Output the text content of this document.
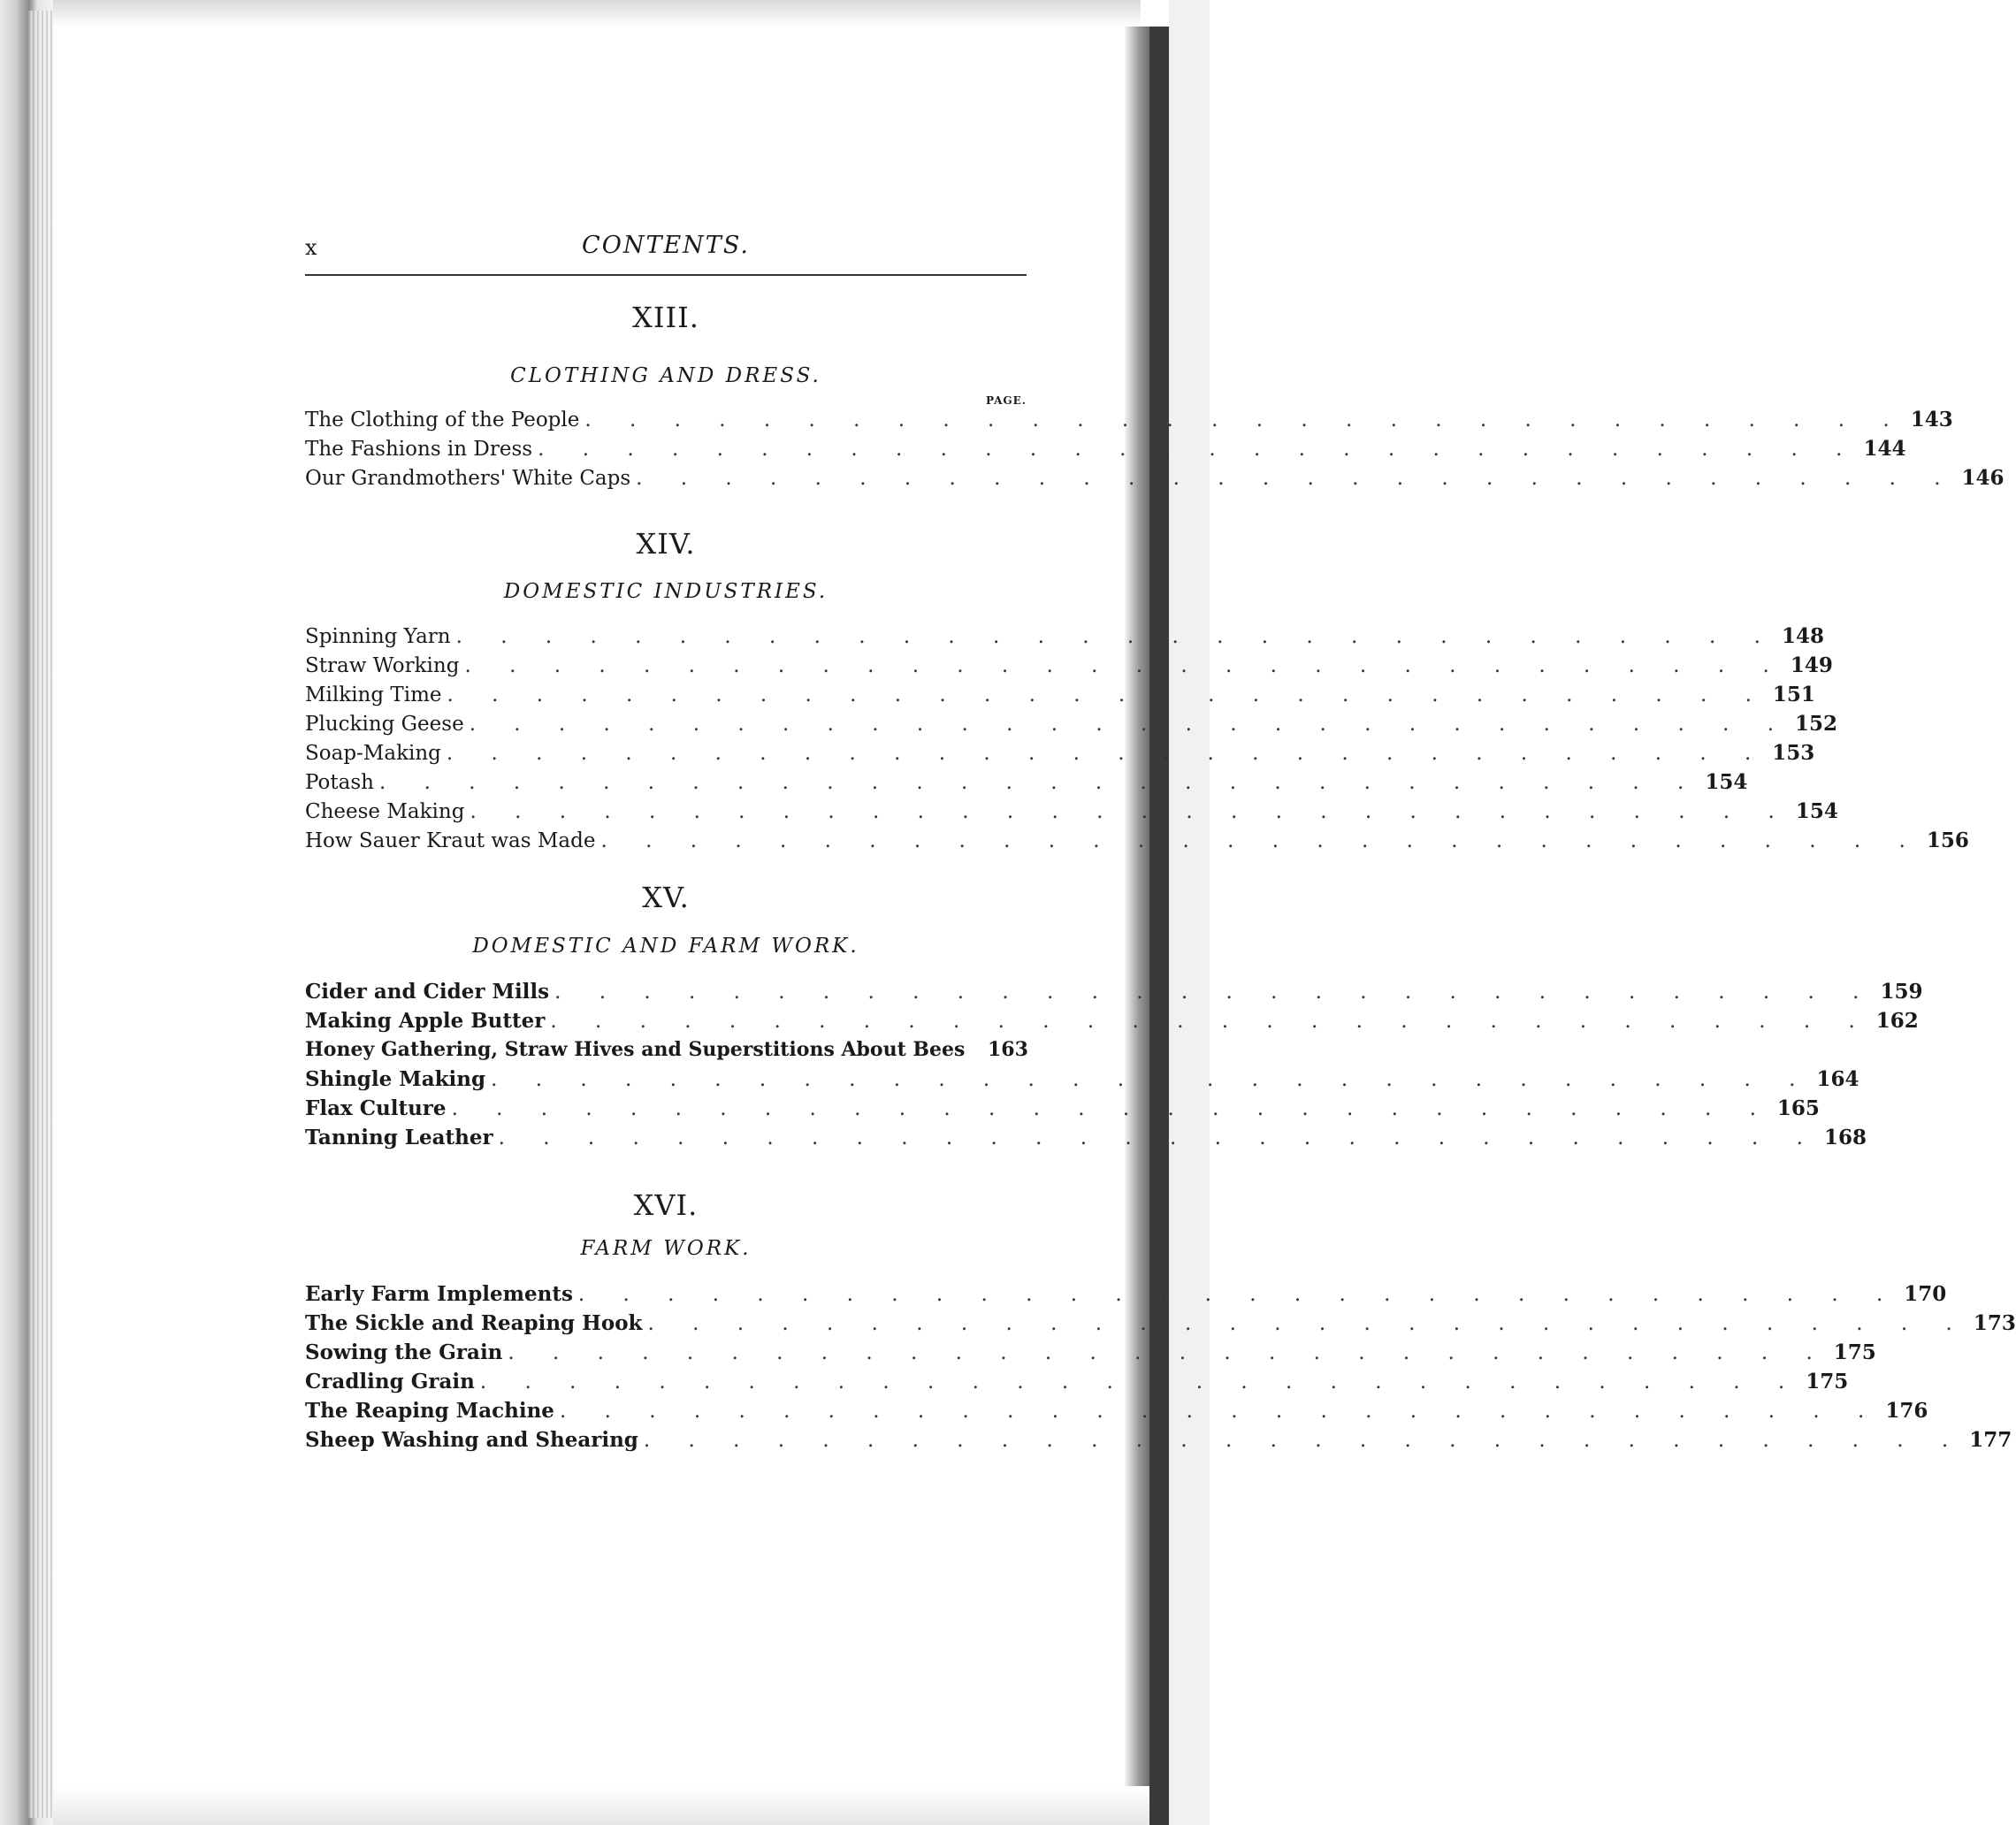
x	CONTENTS.
XIII.
CLOTHING AND DRESS.
PAGE.
The Clothing of the People . . . . . . . . . . . . . . . . . . . . . . . . . . . . . . 143
The Fashions in Dress . . . . . . . . . . . . . . . . . . . . . . . . . . . . . . 144
Our Grandmothers' White Caps . . . . . . . . . . . . . . . . . . . . . . . . . . . . . . 146
XIV.
DOMESTIC INDUSTRIES.
Spinning Yarn . . . . . . . . . . . . . . . . . . . . . . . . . . . . . . 148
Straw Working . . . . . . . . . . . . . . . . . . . . . . . . . . . . . . 149
Milking Time . . . . . . . . . . . . . . . . . . . . . . . . . . . . . . 151
Plucking Geese . . . . . . . . . . . . . . . . . . . . . . . . . . . . . . 152
Soap-Making . . . . . . . . . . . . . . . . . . . . . . . . . . . . . . 153
Potash . . . . . . . . . . . . . . . . . . . . . . . . . . . . . . 154
Cheese Making . . . . . . . . . . . . . . . . . . . . . . . . . . . . . . 154
How Sauer Kraut was Made . . . . . . . . . . . . . . . . . . . . . . . . . . . . . . 156
XV.
DOMESTIC AND FARM WORK.
Cider and Cider Mills . . . . . . . . . . . . . . . . . . . . . . . . . . . . . . 159
Making Apple Butter . . . . . . . . . . . . . . . . . . . . . . . . . . . . . . 162
Honey Gathering, Straw Hives and Superstitions About Bees 163
Shingle Making . . . . . . . . . . . . . . . . . . . . . . . . . . . . . . 164
Flax Culture . . . . . . . . . . . . . . . . . . . . . . . . . . . . . . 165
Tanning Leather . . . . . . . . . . . . . . . . . . . . . . . . . . . . . . 168
XVI.
FARM WORK.
Early Farm Implements . . . . . . . . . . . . . . . . . . . . . . . . . . . . . . 170
The Sickle and Reaping Hook . . . . . . . . . . . . . . . . . . . . . . . . . . . . . . 173
Sowing the Grain . . . . . . . . . . . . . . . . . . . . . . . . . . . . . . 175
Cradling Grain . . . . . . . . . . . . . . . . . . . . . . . . . . . . . . 175
The Reaping Machine . . . . . . . . . . . . . . . . . . . . . . . . . . . . . . 176
Sheep Washing and Shearing . . . . . . . . . . . . . . . . . . . . . . . . . . . . . . 177
